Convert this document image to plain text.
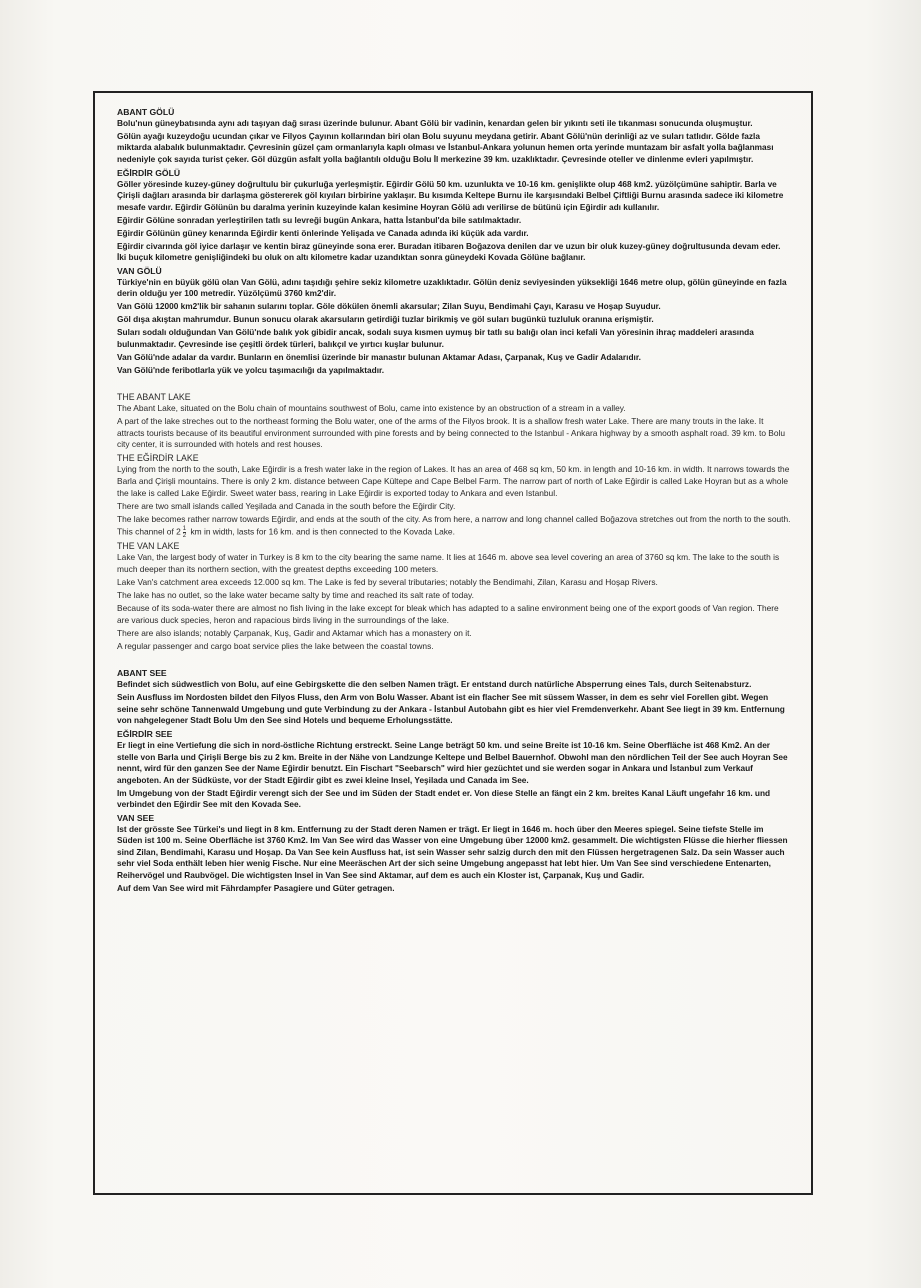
ABANT GÖLÜ

Bolu'nun güneybatısında aynı adı taşıyan dağ sırası üzerinde bulunur. Abant Gölü bir vadinin, kenardan gelen bir yıkıntı seti ile tıkanması sonucunda oluşmuştur.

Gölün ayağı kuzeydoğu ucundan çıkar ve Filyos Çayının kollarından biri olan Bolu suyunu meydana getirir. Abant Gölü'nün derinliği az ve suları tatlıdır. Gölde fazla miktarda alabalık bulunmaktadır. Çevresinin güzel çam ormanlarıyla kaplı olması ve İstanbul-Ankara yolunun hemen orta yerinde muntazam bir asfalt yolla bağlanması nedeniyle çok sayıda turist çeker. Göl düzgün asfalt yolla bağlantılı olduğu Bolu İl merkezine 39 km. uzaklıktadır. Çevresinde oteller ve dinlenme evleri yapılmıştır.

EĞİRDİR GÖLÜ

Göller yöresinde kuzey-güney doğrultulu bir çukurluğa yerleşmiştir. Eğirdir Gölü 50 km. uzunlukta ve 10-16 km. genişlikte olup 468 km2. yüzölçümüne sahiptir. Barla ve Çirişli dağları arasında bir darlaşma göstererek göl kıyıları birbirine yaklaşır. Bu kısımda Keltepe Burnu ile karşısındaki Belbel Çiftliği Burnu arasında sadece iki kilometre mesafe vardır. Eğirdir Gölünün bu daralma yerinin kuzeyinde kalan kesimine Hoyran Gölü adı verilirse de bütünü için Eğirdir adı kullanılır.

Eğirdir Gölüne sonradan yerleştirilen tatlı su levreği bugün Ankara, hatta İstanbul'da bile satılmaktadır.

Eğirdir Gölünün güney kenarında Eğirdir kenti önlerinde Yelişada ve Canada adında iki küçük ada vardır.

Eğirdir civarında göl iyice darlaşır ve kentin biraz güneyinde sona erer. Buradan itibaren Boğazova denilen dar ve uzun bir oluk kuzey-güney doğrultusunda devam eder. İki buçuk kilometre genişliğindeki bu oluk on altı kilometre kadar uzandıktan sonra güneydeki Kovada Gölüne bağlanır.

VAN GÖLÜ

Türkiye'nin en büyük gölü olan Van Gölü, adını taşıdığı şehire sekiz kilometre uzaklıktadır. Gölün deniz seviyesinden yüksekliği 1646 metre olup, gölün güneyinde en fazla derin olduğu yer 100 metredir. Yüzölçümü 3760 km2'dir.

Van Gölü 12000 km2'lik bir sahanın sularını toplar. Göle dökülen önemli akarsular; Zilan Suyu, Bendimahi Çayı, Karasu ve Hoşap Suyudur.

Göl dışa akıştan mahrumdur. Bunun sonucu olarak akarsuların getirdiği tuzlar birikmiş ve göl suları bugünkü tuzluluk oranına erişmiştir.

Suları sodalı olduğundan Van Gölü'nde balık yok gibidir ancak, sodalı suya kısmen uymuş bir tatlı su balığı olan inci kefali Van yöresinin ihraç maddeleri arasında bulunmaktadır. Çevresinde ise çeşitli ördek türleri, balıkçıl ve yırtıcı kuşlar bulunur.

Van Gölü'nde adalar da vardır. Bunların en önemlisi üzerinde bir manastır bulunan Aktamar Adası, Çarpanak, Kuş ve Gadir Adalarıdır.

Van Gölü'nde feribotlarla yük ve yolcu taşımacılığı da yapılmaktadır.

THE ABANT LAKE

The Abant Lake, situated on the Bolu chain of mountains southwest of Bolu, came into existence by an obstruction of a stream in a valley.

A part of the lake streches out to the northeast forming the Bolu water, one of the arms of the Filyos brook. It is a shallow fresh water Lake. There are many trouts in the lake. It attracts tourists because of its beautiful environment surrounded with pine forests and by being connected to the Istanbul - Ankara highway by a smooth asphalt road. 39 km. to Bolu city center, it is surrounded with hotels and rest houses.

THE EĞİRDİR LAKE

Lying from the north to the south, Lake Eğirdir is a fresh water lake in the region of Lakes. It has an area of 468 sq km, 50 km. in length and 10-16 km. in width. It narrows towards the Barla and Çirişli mountains. There is only 2 km. distance between Cape Kültepe and Cape Belbel Farm. The narrow part of north of Lake Eğirdir is called Lake Hoyran but as a whole the lake is called Lake Eğirdir. Sweet water bass, rearing in Lake Eğirdir is exported today to Ankara and even Istanbul.

There are two small islands called Yeşilada and Canada in the south before the Eğirdir City.

The lake becomes rather narrow towards Eğirdir, and ends at the south of the city. As from here, a narrow and long channel called Boğazova stretches out from the north to the south. This channel of $2 \frac{1}{2}$ km in width, lasts for 16 km. and is then connected to the Kovada Lake.

THE VAN LAKE

Lake Van, the largest body of water in Turkey is 8 km to the city bearing the same name. It lies at 1646 m. above sea level covering an area of 3760 sq km. The lake to the south is much deeper than its northern section, with the greatest depths exceeding 100 meters.

Lake Van's catchment area exceeds 12.000 sq km. The Lake is fed by several tributaries; notably the Bendimahi, Zilan, Karasu and Hoşap Rivers.

The lake has no outlet, so the lake water became salty by time and reached its salt rate of today.

Because of its soda-water there are almost no fish living in the lake except for bleak which has adapted to a saline environment being one of the export goods of Van region. There are various duck species, heron and rapacious birds living in the surroundings of the lake.

There are also islands; notably Çarpanak, Kuş, Gadir and Aktamar which has a monastery on it.

A regular passenger and cargo boat service plies the lake between the coastal towns.

ABANT SEE

Befindet sich südwestlich von Bolu, auf eine Gebirgskette die den selben Namen trägt. Er entstand durch natürliche Absperrung eines Tals, durch Seitenabsturz.

Sein Ausfluss im Nordosten bildet den Filyos Fluss, den Arm von Bolu Wasser. Abant ist ein flacher See mit süssem Wasser, in dem es sehr viel Forellen gibt. Wegen seine sehr schöne Tannenwald Umgebung und gute Verbindung zu der Ankara - İstanbul Autobahn gibt es hier viel Fremdenverkehr. Abant See liegt in 39 km. Entfernung von nahgelegener Stadt Bolu Um den See sind Hotels und bequeme Erholungsstätte.

EĞİRDİR SEE

Er liegt in eine Vertiefung die sich in nord-östliche Richtung erstreckt. Seine Lange beträgt 50 km. und seine Breite ist 10-16 km. Seine Oberfläche ist 468 Km2. An der stelle von Barla und Çirişli Berge bis zu 2 km. Breite in der Nähe von Landzunge Keltepe und Belbel Bauernhof. Obwohl man den nördlichen Teil der See auch Hoyran See nennt, wird für den ganzen See der Name Eğirdir benutzt. Ein Fischart "Seebarsch" wird hier gezüchtet und sie werden sogar in Ankara und İstanbul zum Verkauf angeboten. An der Südküste, vor der Stadt Eğirdir gibt es zwei kleine Insel, Yeşilada und Canada im See.

Im Umgebung von der Stadt Eğirdir verengt sich der See und im Süden der Stadt endet er. Von diese Stelle an fängt ein 2 km. breites Kanal Läuft ungefahr 16 km. und verbindet den Eğirdir See mit den Kovada See.

VAN SEE

Ist der grösste See Türkei's und liegt in 8 km. Entfernung zu der Stadt deren Namen er trägt. Er liegt in 1646 m. hoch über den Meeres spiegel. Seine tiefste Stelle im Süden ist 100 m. Seine Oberfläche ist 3760 Km2. Im Van See wird das Wasser von eine Umgebung über 12000 km2. gesammelt. Die wichtigsten Flüsse die hierher fliessen sind Zilan, Bendimahi, Karasu und Hoşap. Da Van See kein Ausfluss hat, ist sein Wasser sehr salzig durch den mit den Flüssen hergetragenen Salz. Da sein Wasser auch sehr viel Soda enthält leben hier wenig Fische. Nur eine Meeräschen Art der sich seine Umgebung angepasst hat lebt hier. Um Van See sind verschiedene Entenarten, Reihervögel und Raubvögel. Die wichtigsten Insel in Van See sind Aktamar, auf dem es auch ein Kloster ist, Çarpanak, Kuş und Gadir.

Auf dem Van See wird mit Fährdampfer Pasagiere und Güter getragen.
